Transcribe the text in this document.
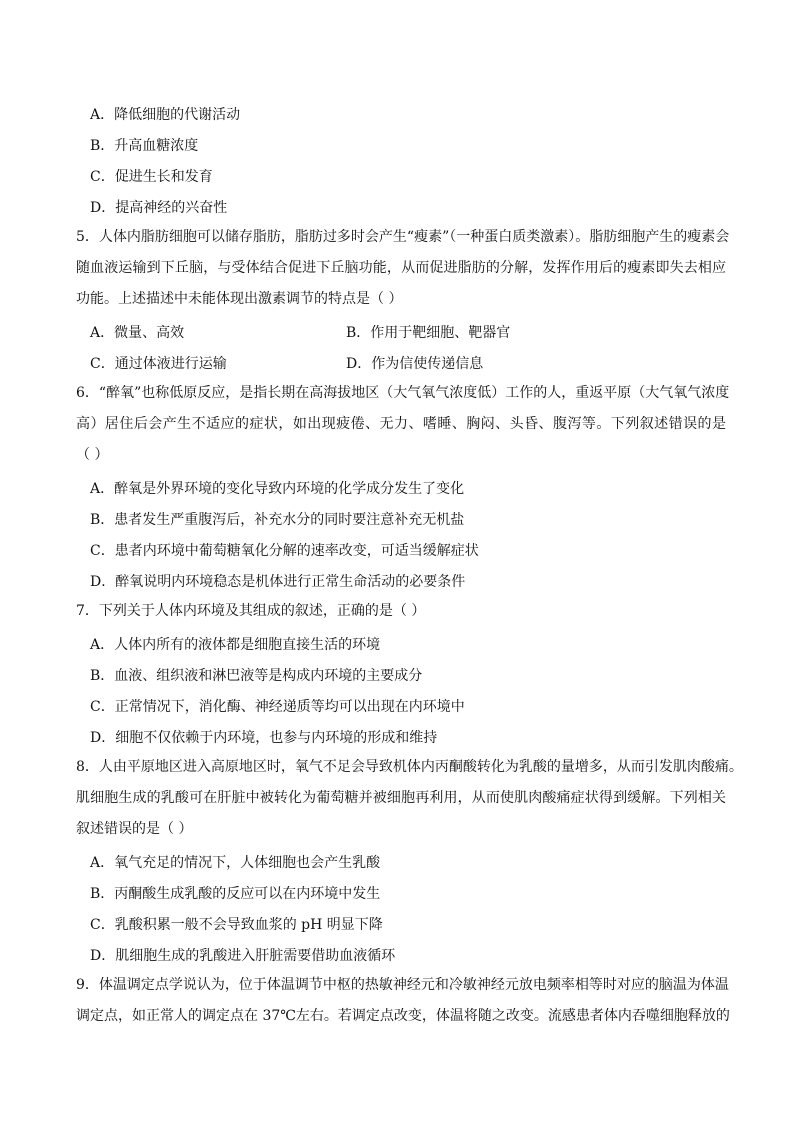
A．降低细胞的代谢活动
B．升高血糖浓度
C．促进生长和发育
D．提高神经的兴奋性
5．人体内脂肪细胞可以储存脂肪，脂肪过多时会产生“瘦素”（一种蛋白质类激素）。脂肪细胞产生的瘦素会
随血液运输到下丘脑，与受体结合促进下丘脑功能，从而促进脂肪的分解，发挥作用后的瘦素即失去相应
功能。上述描述中未能体现出激素调节的特点是（ ）
A．微量、高效	B．作用于靶细胞、靶器官
C．通过体液进行运输	D．作为信使传递信息
6．“醉氧”也称低原反应，是指长期在高海拔地区（大气氧气浓度低）工作的人，重返平原（大气氧气浓度
高）居住后会产生不适应的症状，如出现疲倦、无力、嗜睡、胸闷、头昏、腹泻等。下列叙述错误的是
（ ）
A．醉氧是外界环境的变化导致内环境的化学成分发生了变化
B．患者发生严重腹泻后，补充水分的同时要注意补充无机盐
C．患者内环境中葡萄糖氧化分解的速率改变，可适当缓解症状
D．醉氧说明内环境稳态是机体进行正常生命活动的必要条件
7．下列关于人体内环境及其组成的叙述，正确的是（ ）
A．人体内所有的液体都是细胞直接生活的环境
B．血液、组织液和淋巴液等是构成内环境的主要成分
C．正常情况下，消化酶、神经递质等均可以出现在内环境中
D．细胞不仅依赖于内环境，也参与内环境的形成和维持
8．人由平原地区进入高原地区时，氧气不足会导致机体内丙酮酸转化为乳酸的量增多，从而引发肌肉酸痛。
肌细胞生成的乳酸可在肝脏中被转化为葡萄糖并被细胞再利用，从而使肌肉酸痛症状得到缓解。下列相关
叙述错误的是（ ）
A．氧气充足的情况下，人体细胞也会产生乳酸
B．丙酮酸生成乳酸的反应可以在内环境中发生
C．乳酸积累一般不会导致血浆的 pH 明显下降
D．肌细胞生成的乳酸进入肝脏需要借助血液循环
9．体温调定点学说认为，位于体温调节中枢的热敏神经元和冷敏神经元放电频率相等时对应的脑温为体温
调定点，如正常人的调定点在 37℃左右。若调定点改变，体温将随之改变。流感患者体内吞噬细胞释放的
